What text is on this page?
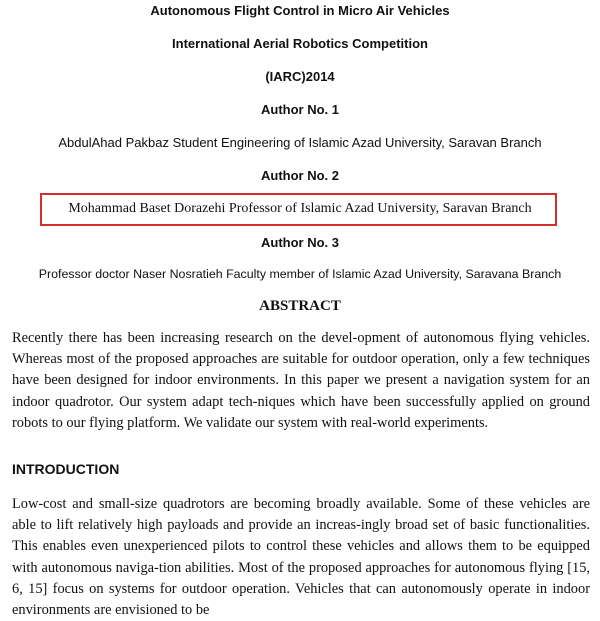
Autonomous Flight Control in Micro Air Vehicles
International Aerial Robotics Competition
(IARC)2014
Author No. 1
AbdulAhad Pakbaz Student Engineering of Islamic Azad University, Saravan Branch
Author No. 2
Mohammad Baset Dorazehi Professor of Islamic Azad University, Saravan Branch
Author No. 3
Professor doctor Naser Nosratieh Faculty member of Islamic Azad University, Saravana Branch
ABSTRACT

Recently there has been increasing research on the devel-opment of autonomous flying vehicles. Whereas most of the proposed approaches are suitable for outdoor operation, only a few techniques have been designed for indoor environments. In this paper we present a navigation system for an indoor quadrotor. Our system adapt tech-niques which have been successfully applied on ground robots to our flying platform. We validate our system with real-world experiments.

INTRODUCTION

Low-cost and small-size quadrotors are becoming broadly available. Some of these vehicles are able to lift relatively high payloads and provide an increas-ingly broad set of basic functionalities. This enables even unexperienced pilots to control these vehicles and allows them to be equipped with autonomous naviga-tion abilities. Most of the proposed approaches for autonomous flying [15, 6, 15] focus on systems for outdoor operation. Vehicles that can autonomously operate in indoor environments are envisioned to be
